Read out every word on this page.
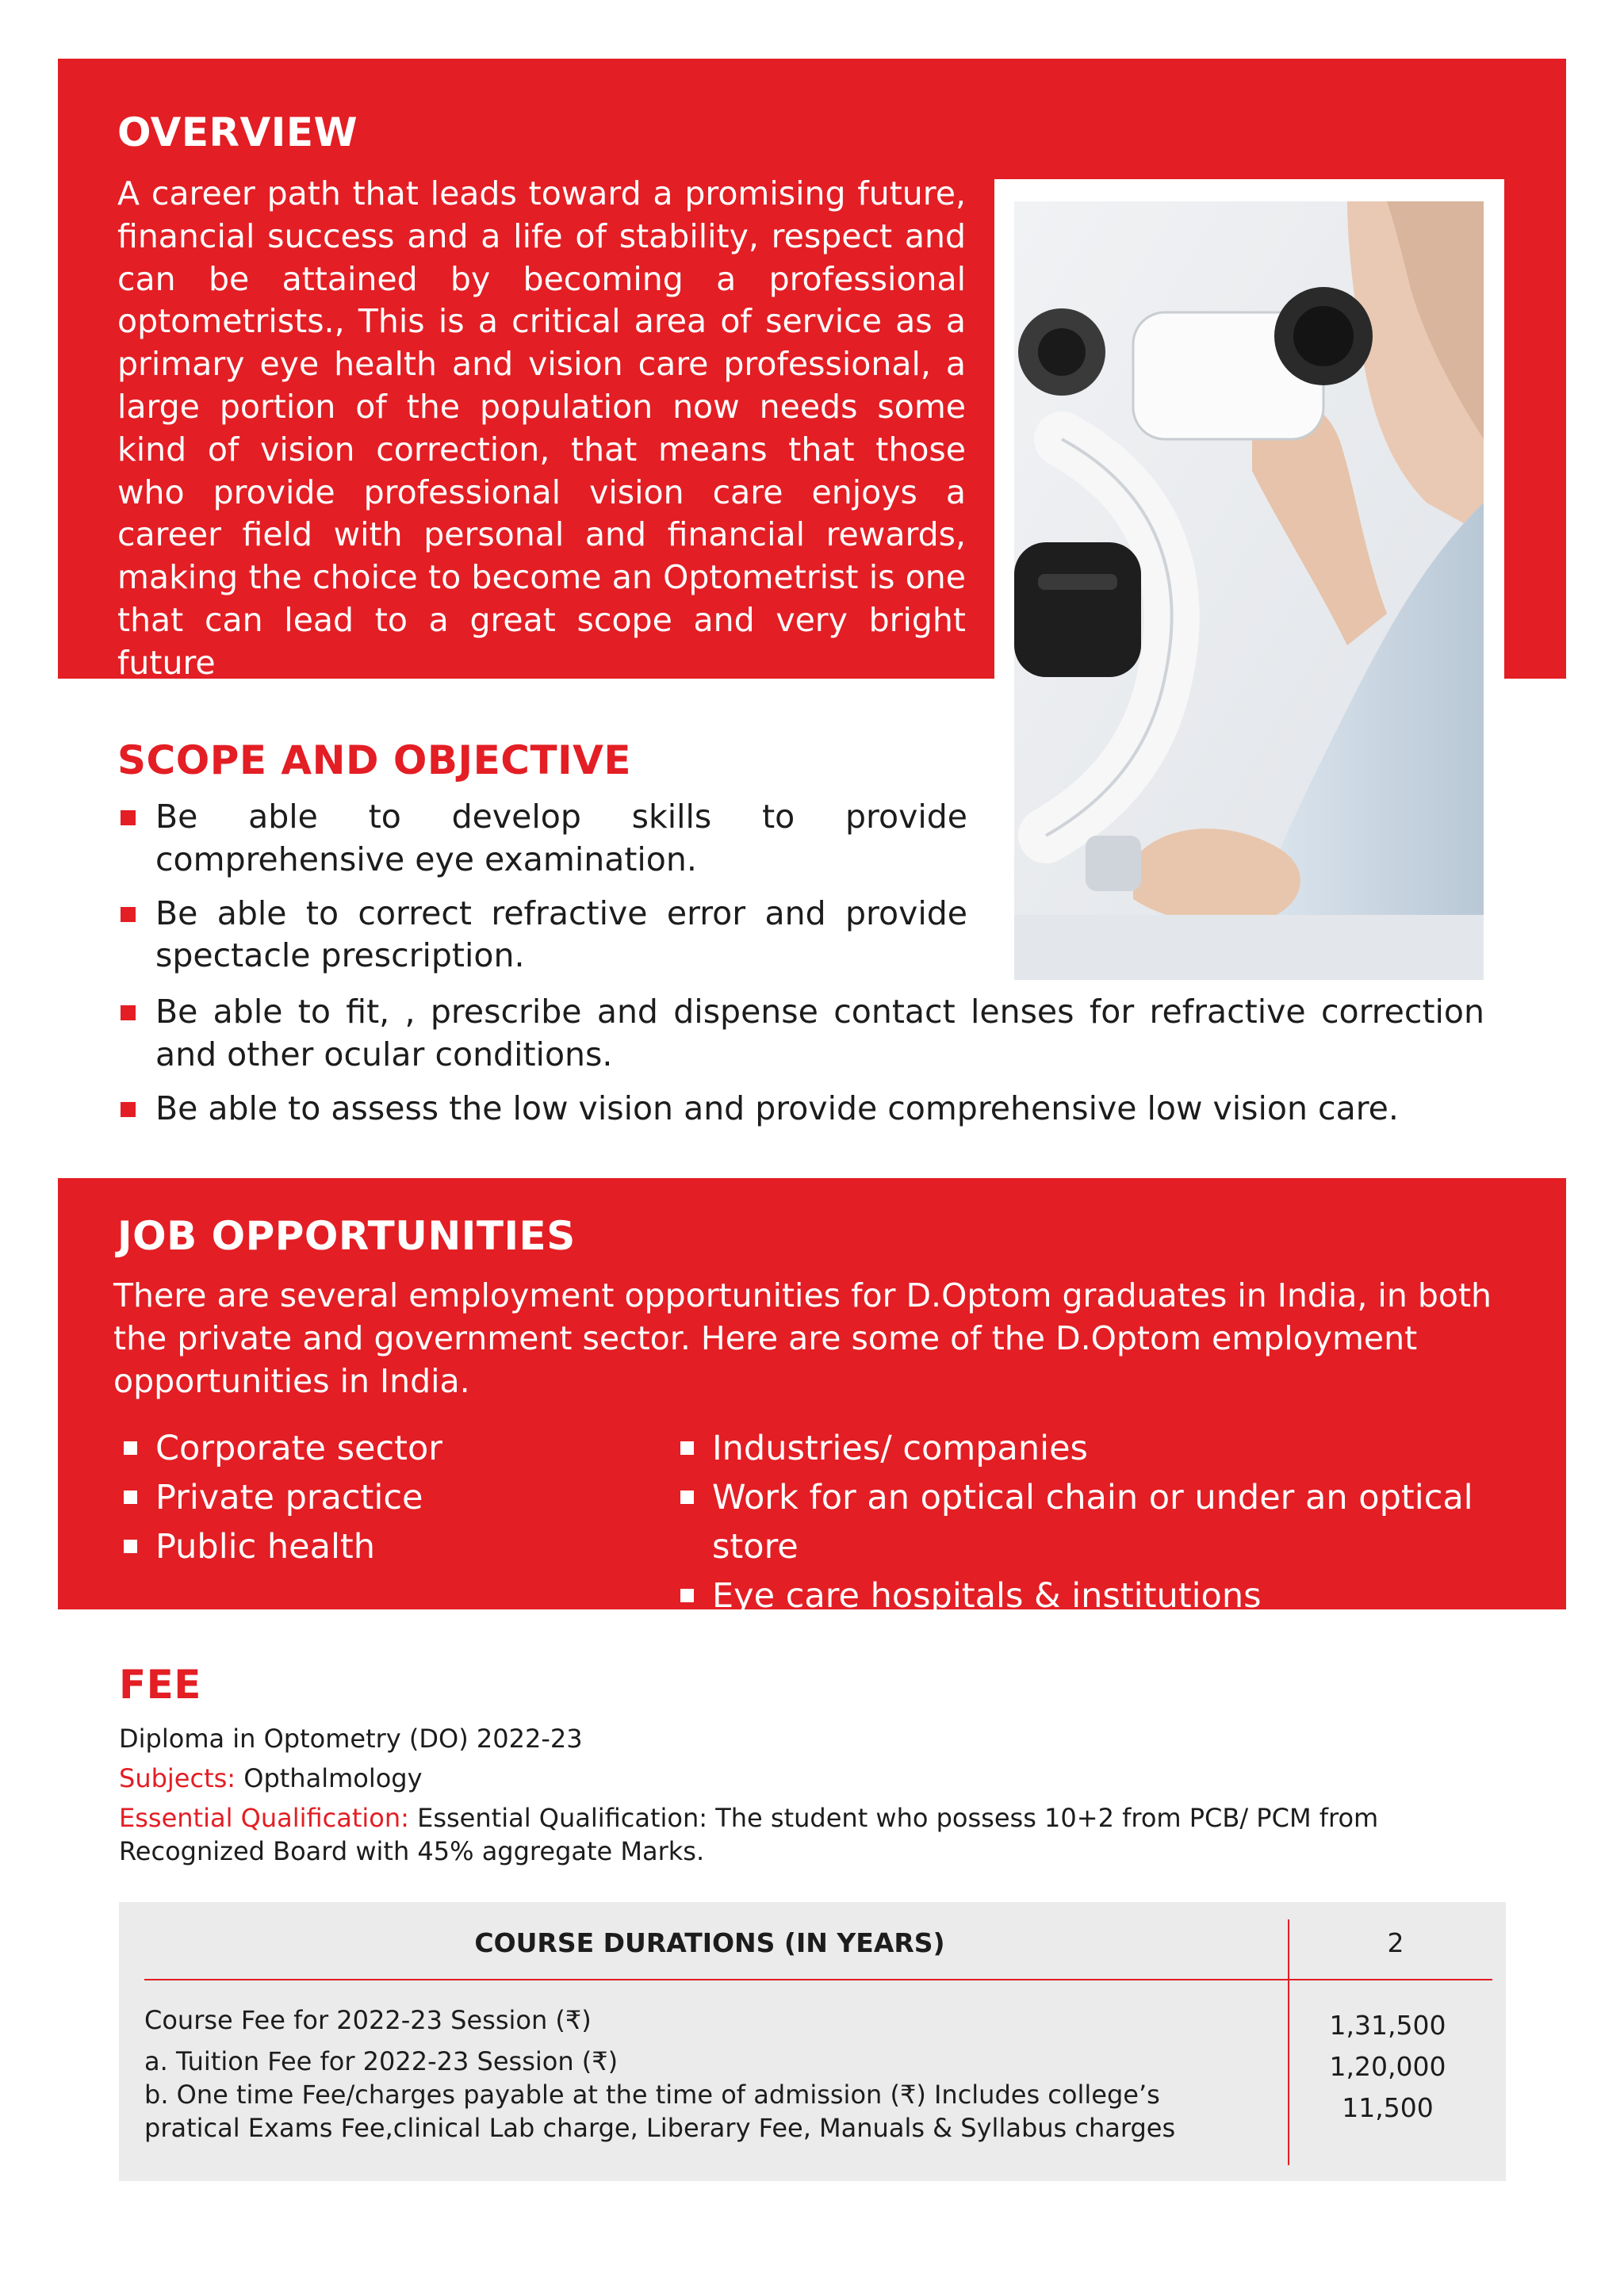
OVERVIEW

A career path that leads toward a promising future, financial success and a life of stability, respect and can be attained by becoming a professional optometrists., This is a critical area of service as a primary eye health and vision care professional, a large portion of the population now needs some kind of vision correction, that means that those who provide professional vision care enjoys a career field with personal and financial rewards, making the choice to become an Optometrist is one that can lead to a great scope and very bright future

SCOPE AND OBJECTIVE
Be able to develop skills to provide comprehensive eye examination.
Be able to correct refractive error and provide spectacle prescription.
Be able to fit, , prescribe and dispense contact lenses for refractive correction and other ocular conditions.
Be able to assess the low vision and provide comprehensive low vision care.
JOB OPPORTUNITIES

There are several employment opportunities for D.Optom graduates in India, in both the private and government sector. Here are some of the D.Optom employment opportunities in India.

Corporate sector
Private practice
Public health
Industries/ companies
Work for an optical chain or under an optical store
Eye care hospitals & institutions
FEE

Diploma in Optometry (DO) 2022-23

Subjects: Opthalmology

Essential Qualification: Essential Qualification: The student who possess 10+2 from PCB/ PCM from Recognized Board with 45% aggregate Marks.

COURSE DURATIONS (IN YEARS)	2

Course Fee for 2022-23 Session (₹)

a. Tuition Fee for 2022-23 Session (₹)

b. One time Fee/charges payable at the time of admission (₹) Includes college’s pratical Exams Fee,clinical Lab charge, Liberary Fee, Manuals & Syllabus charges

1,31,500

1,20,000

11,500
